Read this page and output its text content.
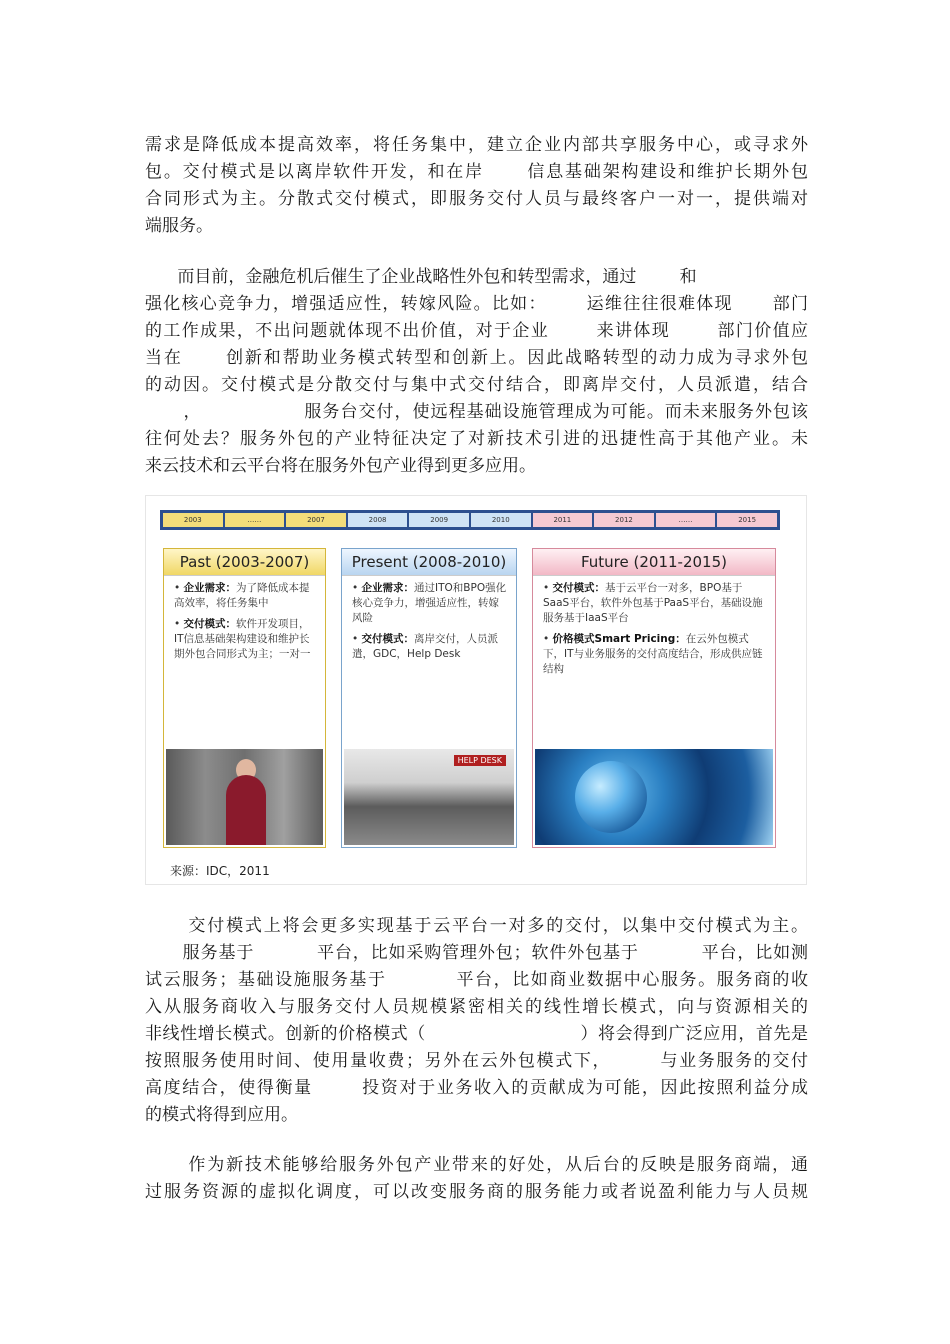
需求是降低成本提高效率，将任务集中，建立企业内部共享服务中心，或寻求外
包。交付模式是以离岸软件开发，和在岸      信息基础架构建设和维护长期外包
合同形式为主。分散式交付模式，即服务交付人员与最终客户一对一，提供端对
端服务。
而目前，金融危机后催生了企业战略性外包和转型需求，通过        和
强化核心竞争力，增强适应性，转嫁风险。比如：      运维往往很难体现      部门
的工作成果，不出问题就体现不出价值，对于企业       来讲体现       部门价值应
当在      创新和帮助业务模式转型和创新上。因此战略转型的动力成为寻求外包
的动因。交付模式是分散交付与集中式交付结合，即离岸交付，人员派遣，结合
，                服务台交付，使远程基础设施管理成为可能。而未来服务外包该
往何处去？服务外包的产业特征决定了对新技术引进的迅捷性高于其他产业。未
来云技术和云平台将在服务外包产业得到更多应用。
2003	……	2007	2008	2009	2010	2011	2012	……	2015
Past (2003-2007)
• 企业需求：为了降低成本提高效率，将任务集中
• 交付模式：软件开发项目，IT信息基础架构建设和维护长期外包合同形式为主；一对一
Present (2008-2010)
• 企业需求：通过ITO和BPO强化核心竞争力，增强适应性，转嫁风险
• 交付模式：离岸交付，人员派遣，GDC，Help Desk
HELP DESK
Future (2011-2015)
• 交付模式：基于云平台一对多，BPO基于SaaS平台，软件外包基于PaaS平台，基础设施服务基于IaaS平台
• 价格模式Smart Pricing：在云外包模式下，IT与业务服务的交付高度结合，形成供应链结构
来源：IDC，2011
交付模式上将会更多实现基于云平台一对多的交付，以集中交付模式为主。
服务基于          平台，比如采购管理外包；软件外包基于          平台，比如测
试云服务；基础设施服务基于          平台，比如商业数据中心服务。服务商的收
入从服务商收入与服务交付人员规模紧密相关的线性增长模式，向与资源相关的
非线性增长模式。创新的价格模式（                          ）将会得到广泛应用，首先是
按照服务使用时间、使用量收费；另外在云外包模式下，       与业务服务的交付
高度结合，使得衡量       投资对于业务收入的贡献成为可能，因此按照利益分成
的模式将得到应用。
作为新技术能够给服务外包产业带来的好处，从后台的反映是服务商端，通
过服务资源的虚拟化调度，可以改变服务商的服务能力或者说盈利能力与人员规
